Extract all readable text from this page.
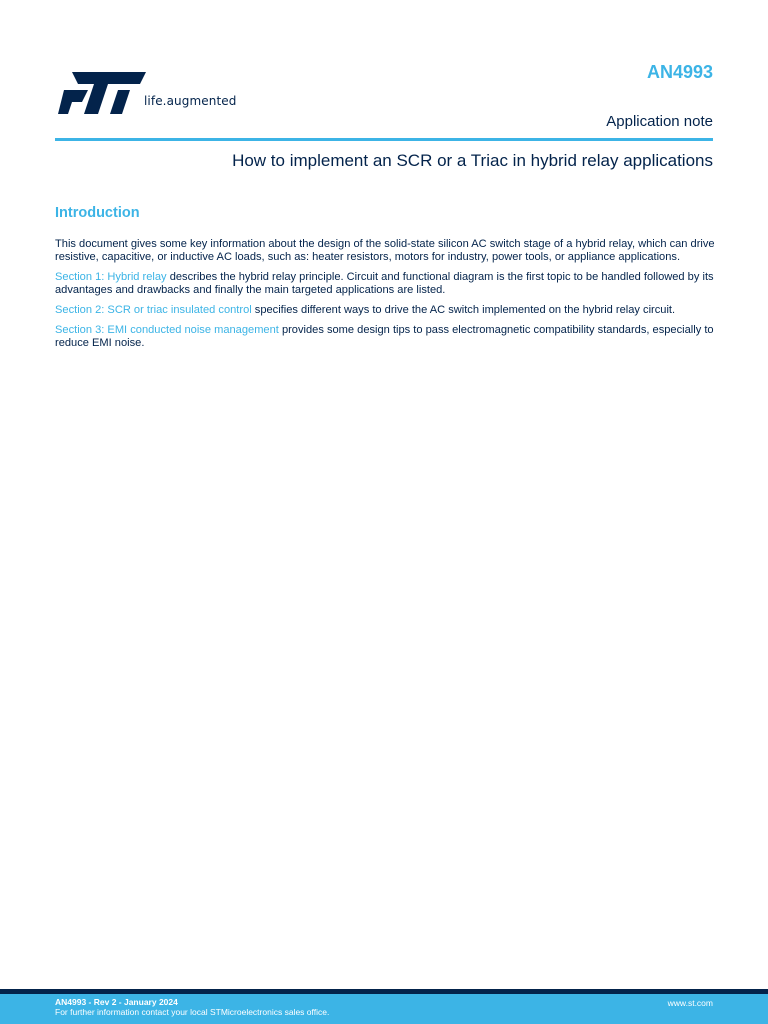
life.augmented
AN4993
Application note
How to implement an SCR or a Triac in hybrid relay applications
Introduction

This document gives some key information about the design of the solid-state silicon AC switch stage of a hybrid relay, which can drive resistive, capacitive, or inductive AC loads, such as: heater resistors, motors for industry, power tools, or appliance applications.

Section 1: Hybrid relay describes the hybrid relay principle. Circuit and functional diagram is the first topic to be handled followed by its advantages and drawbacks and finally the main targeted applications are listed.

Section 2: SCR or triac insulated control specifies different ways to drive the AC switch implemented on the hybrid relay circuit.

Section 3: EMI conducted noise management provides some design tips to pass electromagnetic compatibility standards, especially to reduce EMI noise.

AN4993 - Rev 2 - January 2024
For further information contact your local STMicroelectronics sales office.
www.st.com
